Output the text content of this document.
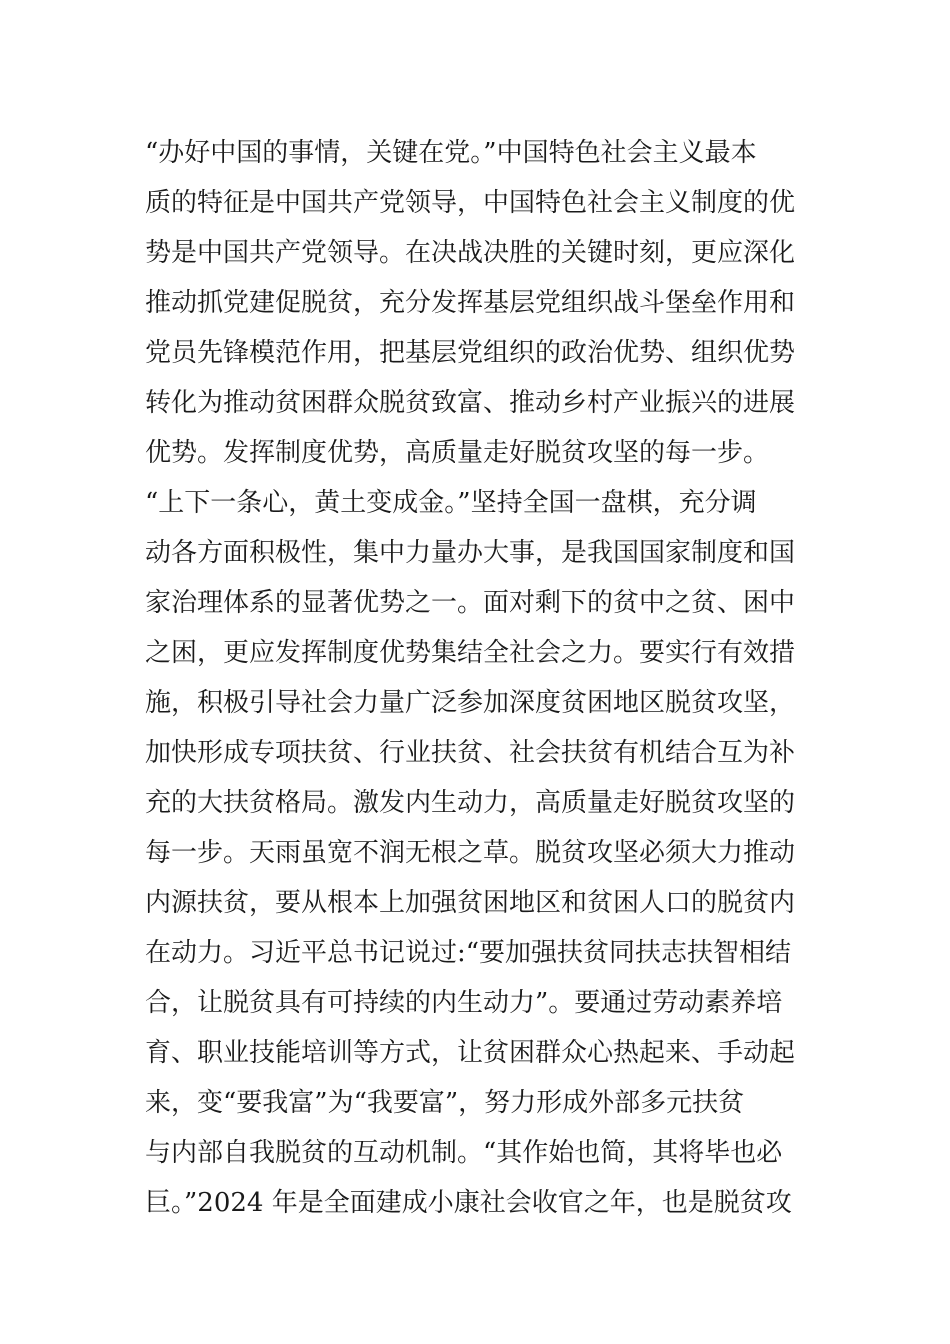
“办好中国的事情，关键在党。”中国特色社会主义最本
质的特征是中国共产党领导，中国特色社会主义制度的优
势是中国共产党领导。在决战决胜的关键时刻，更应深化
推动抓党建促脱贫，充分发挥基层党组织战斗堡垒作用和
党员先锋模范作用，把基层党组织的政治优势、组织优势
转化为推动贫困群众脱贫致富、推动乡村产业振兴的进展
优势。发挥制度优势，高质量走好脱贫攻坚的每一步。
“上下一条心，黄土变成金。”坚持全国一盘棋，充分调
动各方面积极性，集中力量办大事，是我国国家制度和国
家治理体系的显著优势之一。面对剩下的贫中之贫、困中
之困，更应发挥制度优势集结全社会之力。要实行有效措
施，积极引导社会力量广泛参加深度贫困地区脱贫攻坚，
加快形成专项扶贫、行业扶贫、社会扶贫有机结合互为补
充的大扶贫格局。激发内生动力，高质量走好脱贫攻坚的
每一步。天雨虽宽不润无根之草。脱贫攻坚必须大力推动
内源扶贫，要从根本上加强贫困地区和贫困人口的脱贫内
在动力。习近平总书记说过:“要加强扶贫同扶志扶智相结
合，让脱贫具有可持续的内生动力”。要通过劳动素养培
育、职业技能培训等方式，让贫困群众心热起来、手动起
来，变“要我富”为“我要富”，努力形成外部多元扶贫
与内部自我脱贫的互动机制。“其作始也简，其将毕也必
巨。”2024 年是全面建成小康社会收官之年，也是脱贫攻
